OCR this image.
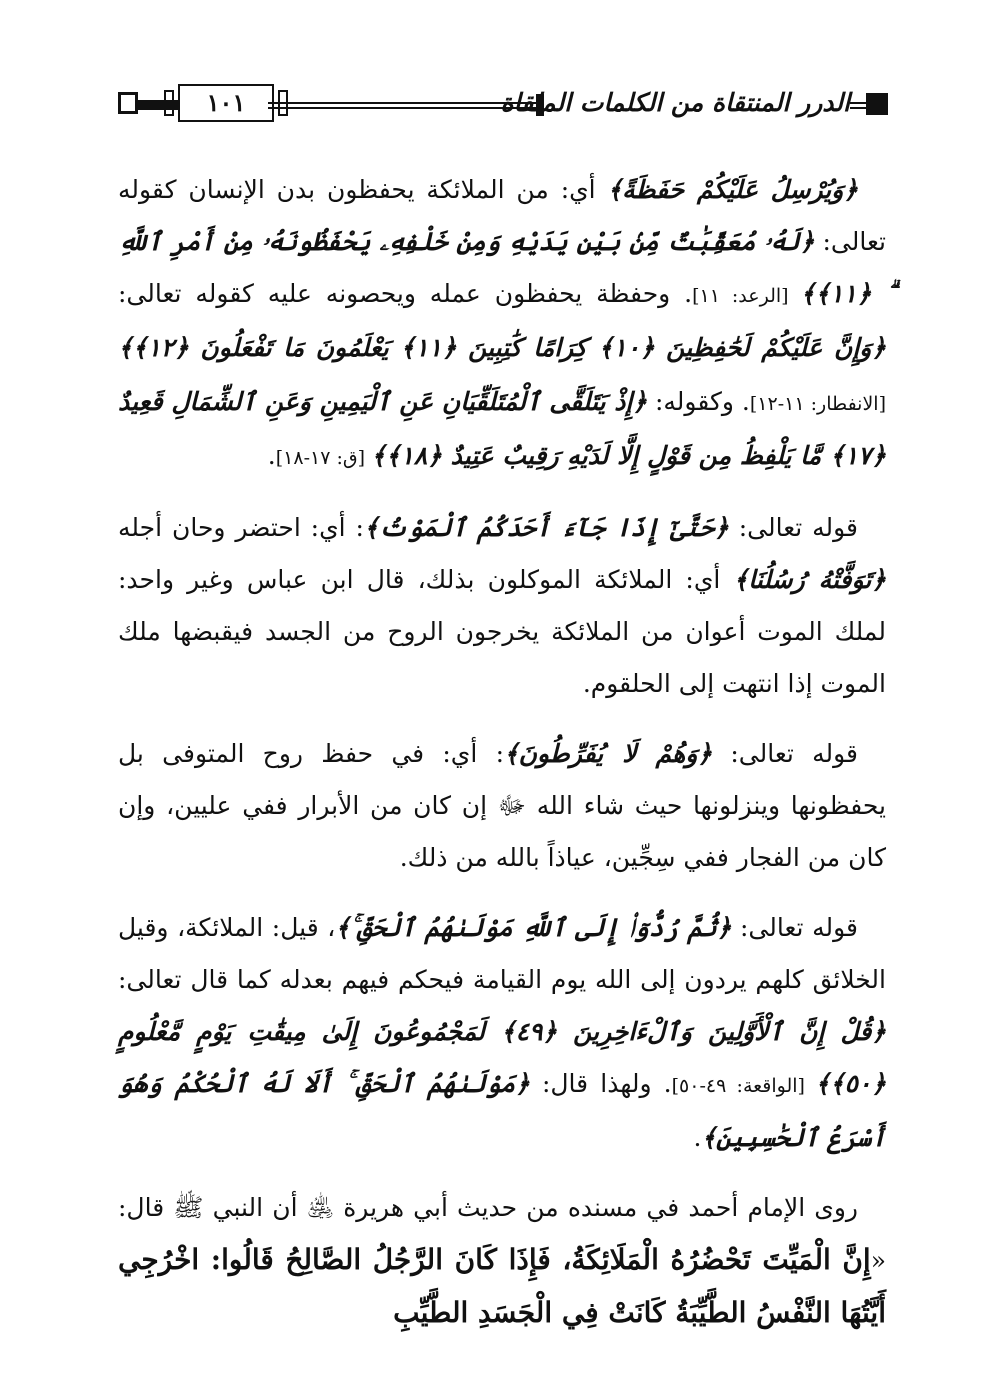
١٠١	الدرر المنتقاة من الكلمات الملقاة

﴿وَيُرْسِلُ عَلَيْكُمْ حَفَظَةً﴾ أي: من الملائكة يحفظون بدن الإنسان كقوله تعالى: ﴿لَهُۥ مُعَقِّبَٰتٌ مِّنۢ بَيْنِ يَدَيْهِ وَمِنْ خَلْفِهِۦ يَحْفَظُونَهُۥ مِنْ أَمْرِ ٱللَّهِ ۗ ﴿١١﴾﴾ [الرعد: ١١]. وحفظة يحفظون عمله ويحصونه عليه كقوله تعالى: ﴿وَإِنَّ عَلَيْكُمْ لَحَٰفِظِينَ ﴿١٠﴾ كِرَامًا كَٰتِبِينَ ﴿١١﴾ يَعْلَمُونَ مَا تَفْعَلُونَ ﴿١٢﴾﴾ [الانفطار: ١١-١٢]. وكقوله: ﴿إِذْ يَتَلَقَّى ٱلْمُتَلَقِّيَانِ عَنِ ٱلْيَمِينِ وَعَنِ ٱلشِّمَالِ قَعِيدٌ ﴿١٧﴾ مَّا يَلْفِظُ مِن قَوْلٍ إِلَّا لَدَيْهِ رَقِيبٌ عَتِيدٌ ﴿١٨﴾﴾ [ق: ١٧-١٨].

قوله تعالى: ﴿حَتَّىٰٓ إِذَا جَآءَ أَحَدَكُمُ ٱلْمَوْتُ﴾: أي: احتضر وحان أجله ﴿تَوَفَّتْهُ رُسُلُنَا﴾ أي: الملائكة الموكلون بذلك، قال ابن عباس وغير واحد: لملك الموت أعوان من الملائكة يخرجون الروح من الجسد فيقبضها ملك الموت إذا انتهت إلى الحلقوم.

قوله تعالى: ﴿وَهُمْ لَا يُفَرِّطُونَ﴾: أي: في حفظ روح المتوفى بل يحفظونها وينزلونها حيث شاء الله ﷻ إن كان من الأبرار ففي عليين، وإن كان من الفجار ففي سِجِّين، عياذاً بالله من ذلك.

قوله تعالى: ﴿ثُمَّ رُدُّوٓا۟ إِلَى ٱللَّهِ مَوْلَىٰهُمُ ٱلْحَقِّ ۚ﴾، قيل: الملائكة، وقيل الخلائق كلهم يردون إلى الله يوم القيامة فيحكم فيهم بعدله كما قال تعالى: ﴿قُلْ إِنَّ ٱلْأَوَّلِينَ وَٱلْءَاخِرِينَ ﴿٤٩﴾ لَمَجْمُوعُونَ إِلَىٰ مِيقَٰتِ يَوْمٍ مَّعْلُومٍ ﴿٥٠﴾﴾ [الواقعة: ٤٩-٥٠]. ولهذا قال: ﴿مَوْلَىٰهُمُ ٱلْحَقِّ ۚ أَلَا لَهُ ٱلْحُكْمُ وَهُوَ أَسْرَعُ ٱلْحَٰسِبِينَ﴾.

روى الإمام أحمد في مسنده من حديث أبي هريرة ﵁ أن النبي ﷺ قال: «إِنَّ الْمَيِّتَ تَحْضُرُهُ الْمَلَائِكَةُ، فَإِذَا كَانَ الرَّجُلُ الصَّالِحُ قَالُوا: اخْرُجِي أَيَّتُهَا النَّفْسُ الطَّيِّبَةُ كَانَتْ فِي الْجَسَدِ الطَّيِّبِ
